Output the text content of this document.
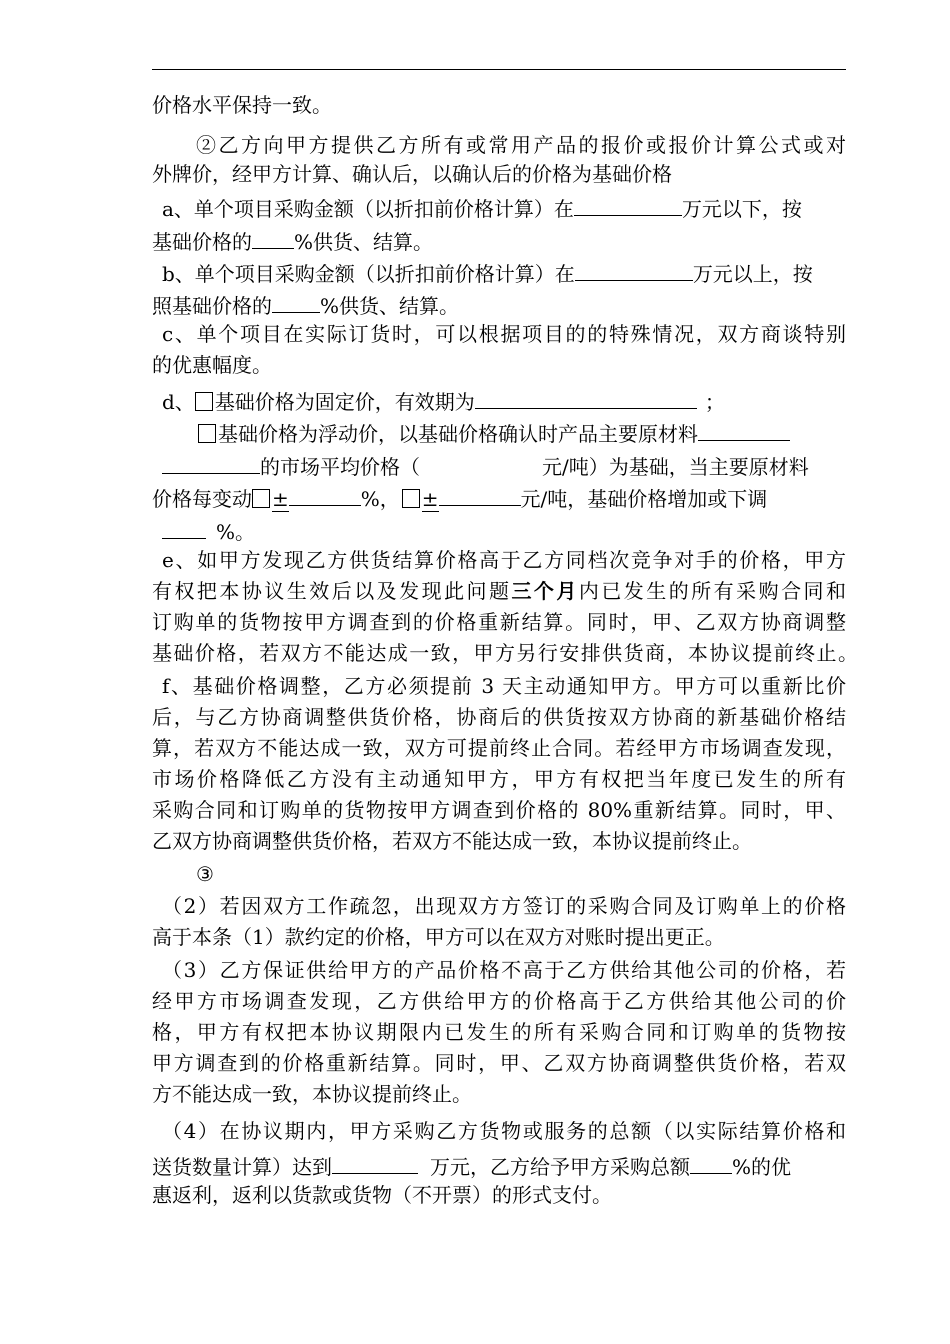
价格水平保持一致。
②乙方向甲方提供乙方所有或常用产品的报价或报价计算公式或对
外牌价，经甲方计算、确认后，以确认后的价格为基础价格
a、单个项目采购金额（以折扣前价格计算）在	万元以下，按
基础价格的 %供货、结算。
b、单个项目采购金额（以折扣前价格计算）在	万元以上，按
照基础价格的 %供货、结算。
c、单个项目在实际订货时，可以根据项目的的特殊情况，双方商谈特别
的优惠幅度。
d、 基础价格为固定价，有效期为	；
基础价格为浮动价，以基础价格确认时产品主要原材料
的市场平均价格（	元/吨）为基础，当主要原材料
价格每变动 ±	%， ±	元/吨，基础价格增加或下调
%。
e、如甲方发现乙方供货结算价格高于乙方同档次竞争对手的价格，甲方
有权把本协议生效后以及发现此问题三个月内已发生的所有采购合同和
订购单的货物按甲方调查到的价格重新结算。同时，甲、乙双方协商调整
基础价格，若双方不能达成一致，甲方另行安排供货商，本协议提前终止。
f、基础价格调整，乙方必须提前 3 天主动通知甲方。甲方可以重新比价
后，与乙方协商调整供货价格，协商后的供货按双方协商的新基础价格结
算，若双方不能达成一致，双方可提前终止合同。若经甲方市场调查发现，
市场价格降低乙方没有主动通知甲方，甲方有权把当年度已发生的所有
采购合同和订购单的货物按甲方调查到价格的 80%重新结算。同时，甲、
乙双方协商调整供货价格，若双方不能达成一致，本协议提前终止。
③
（2）若因双方工作疏忽，出现双方方签订的采购合同及订购单上的价格
高于本条（1）款约定的价格，甲方可以在双方对账时提出更正。
（3）乙方保证供给甲方的产品价格不高于乙方供给其他公司的价格，若
经甲方市场调查发现，乙方供给甲方的价格高于乙方供给其他公司的价
格，甲方有权把本协议期限内已发生的所有采购合同和订购单的货物按
甲方调查到的价格重新结算。同时，甲、乙双方协商调整供货价格，若双
方不能达成一致，本协议提前终止。
（4）在协议期内，甲方采购乙方货物或服务的总额（以实际结算价格和
送货数量计算）达到	万元，乙方给予甲方采购总额 %的优
惠返利，返利以货款或货物（不开票）的形式支付。
